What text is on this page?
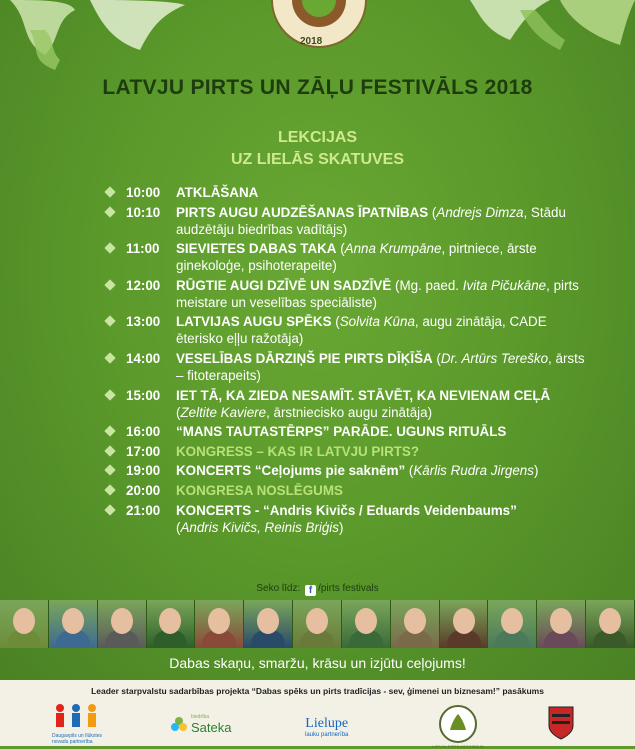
2018
LATVJU PIRTS UN ZĀĻU FESTIVĀLS 2018
LEKCIJAS
UZ LIELĀS SKATUVES
10:00	ATKLĀŠANA
10:10	PIRTS AUGU AUDZĒŠANAS ĪPATNĪBAS (Andrejs Dimza, Stādu audzētāju biedrības vadītājs)
11:00	SIEVIETES DABAS TAKA (Anna Krumpāne, pirtniece, ārste ginekoloģe, psihoterapeite)
12:00	RŪGTIE AUGI DZĪVĒ UN SADZĪVĒ (Mg. paed. Ivita Pičukāne, pirts meistare un veselības speciāliste)
13:00	LATVIJAS AUGU SPĒKS (Solvita Kūna, augu zinātāja, CADE ēterisko eļļu ražotāja)
14:00	VESELĪBAS DĀRZIŅŠ PIE PIRTS DĪĶĪŠA (Dr. Artūrs Tereško, ārsts – fitoterapeits)
15:00	IET TĀ, KA ZIEDA NESAMĪT. STĀVĒT, KA NEVIENAM CEĻĀ (Zeltite Kaviere, ārstniecisko augu zinātāja)
16:00	“MANS TAUTASTĒRPS” PARĀDE. UGUNS RITUĀLS
17:00	KONGRESS – KAS IR LATVJU PIRTS?
19:00	KONCERTS “Ceļojums pie saknēm” (Kārlis Rudra Jirgens)
20:00	KONGRESA NOSLĒGUMS
21:00	KONCERTS - “Andris Kivičs / Eduards Veidenbaums”
(Andris Kivičs, Reinis Briģis)
Seko līdz: f /pirts festivals
Dabas skaņu, smaržu, krāsu un izjūtu ceļojums!
Leader starpvalstu sadarbības projekta “Dabas spēks un pirts tradīcijas - sev, ģimenei un biznesam!” pasākums
Daugavpils un Ilūkstes novadu partnerība
biedrība
Sateka	Lielupe
lauku partnerība
LATVJU PIRTS ASOCIĀCIJA
